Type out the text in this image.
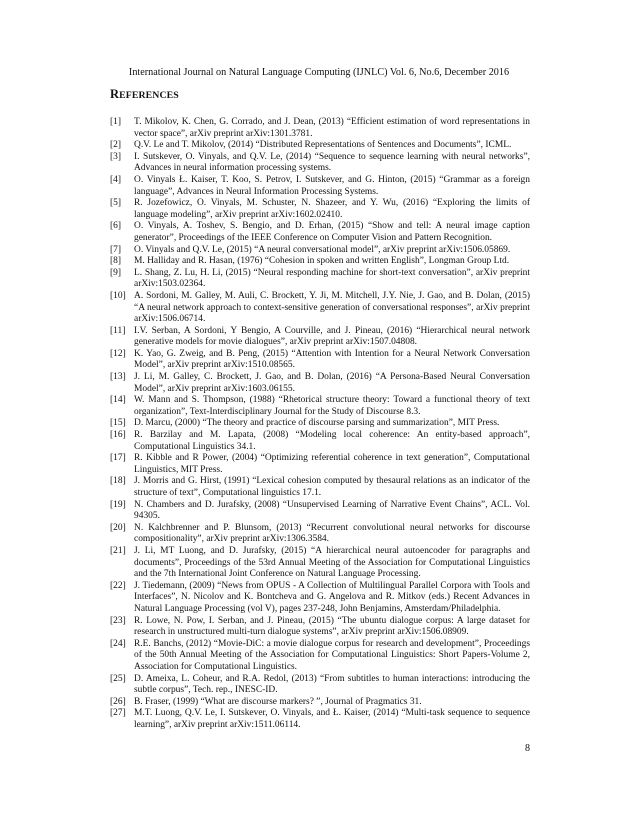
International Journal on Natural Language Computing (IJNLC) Vol. 6, No.6, December 2016
REFERENCES
[1] T. Mikolov, K. Chen, G. Corrado, and J. Dean, (2013) “Efficient estimation of word representations in vector space”, arXiv preprint arXiv:1301.3781.
[2] Q.V. Le and T. Mikolov, (2014) “Distributed Representations of Sentences and Documents”, ICML.
[3] I. Sutskever, O. Vinyals, and Q.V. Le, (2014) “Sequence to sequence learning with neural networks”, Advances in neural information processing systems.
[4] O. Vinyals Ł. Kaiser, T. Koo, S. Petrov, I. Sutskever, and G. Hinton, (2015) “Grammar as a foreign language”, Advances in Neural Information Processing Systems.
[5] R. Jozefowicz, O. Vinyals, M. Schuster, N. Shazeer, and Y. Wu, (2016) “Exploring the limits of language modeling”, arXiv preprint arXiv:1602.02410.
[6] O. Vinyals, A. Toshev, S. Bengio, and D. Erhan, (2015) “Show and tell: A neural image caption generator”, Proceedings of the IEEE Conference on Computer Vision and Pattern Recognition.
[7] O. Vinyals and Q.V. Le, (2015) “A neural conversational model”, arXiv preprint arXiv:1506.05869.
[8] M. Halliday and R. Hasan, (1976) “Cohesion in spoken and written English”, Longman Group Ltd.
[9] L. Shang, Z. Lu, H. Li, (2015) “Neural responding machine for short-text conversation”, arXiv preprint arXiv:1503.02364.
[10] A. Sordoni, M. Galley, M. Auli, C. Brockett, Y. Ji, M. Mitchell, J.Y. Nie, J. Gao, and B. Dolan, (2015) “A neural network approach to context-sensitive generation of conversational responses”, arXiv preprint arXiv:1506.06714.
[11] I.V. Serban, A Sordoni, Y Bengio, A Courville, and J. Pineau, (2016) “Hierarchical neural network generative models for movie dialogues”, arXiv preprint arXiv:1507.04808.
[12] K. Yao, G. Zweig, and B. Peng, (2015) “Attention with Intention for a Neural Network Conversation Model”, arXiv preprint arXiv:1510.08565.
[13] J. Li, M. Galley, C. Brockett, J. Gao, and B. Dolan, (2016) “A Persona-Based Neural Conversation Model”, arXiv preprint arXiv:1603.06155.
[14] W. Mann and S. Thompson, (1988) “Rhetorical structure theory: Toward a functional theory of text organization”, Text-Interdisciplinary Journal for the Study of Discourse 8.3.
[15] D. Marcu, (2000) “The theory and practice of discourse parsing and summarization”, MIT Press.
[16] R. Barzilay and M. Lapata, (2008) “Modeling local coherence: An entity-based approach”, Computational Linguistics 34.1.
[17] R. Kibble and R Power, (2004) “Optimizing referential coherence in text generation”, Computational Linguistics, MIT Press.
[18] J. Morris and G. Hirst, (1991) “Lexical cohesion computed by thesaural relations as an indicator of the structure of text”, Computational linguistics 17.1.
[19] N. Chambers and D. Jurafsky, (2008) “Unsupervised Learning of Narrative Event Chains”, ACL. Vol. 94305.
[20] N. Kalchbrenner and P. Blunsom, (2013) “Recurrent convolutional neural networks for discourse compositionality”, arXiv preprint arXiv:1306.3584.
[21] J. Li, MT Luong, and D. Jurafsky, (2015) “A hierarchical neural autoencoder for paragraphs and documents”, Proceedings of the 53rd Annual Meeting of the Association for Computational Linguistics and the 7th International Joint Conference on Natural Language Processing.
[22] J. Tiedemann, (2009) “News from OPUS - A Collection of Multilingual Parallel Corpora with Tools and Interfaces”, N. Nicolov and K. Bontcheva and G. Angelova and R. Mitkov (eds.) Recent Advances in Natural Language Processing (vol V), pages 237-248, John Benjamins, Amsterdam/Philadelphia.
[23] R. Lowe, N. Pow, I. Serban, and J. Pineau, (2015) “The ubuntu dialogue corpus: A large dataset for research in unstructured multi-turn dialogue systems”, arXiv preprint arXiv:1506.08909.
[24] R.E. Banchs, (2012) “Movie-DiC: a movie dialogue corpus for research and development”, Proceedings of the 50th Annual Meeting of the Association for Computational Linguistics: Short Papers-Volume 2, Association for Computational Linguistics.
[25] D. Ameixa, L. Coheur, and R.A. Redol, (2013) “From subtitles to human interactions: introducing the subtle corpus”, Tech. rep., INESC-ID.
[26] B. Fraser, (1999) “What are discourse markers? ”, Journal of Pragmatics 31.
[27] M.T. Luong, Q.V. Le, I. Sutskever, O. Vinyals, and Ł. Kaiser, (2014) “Multi-task sequence to sequence learning”, arXiv preprint arXiv:1511.06114.
8
